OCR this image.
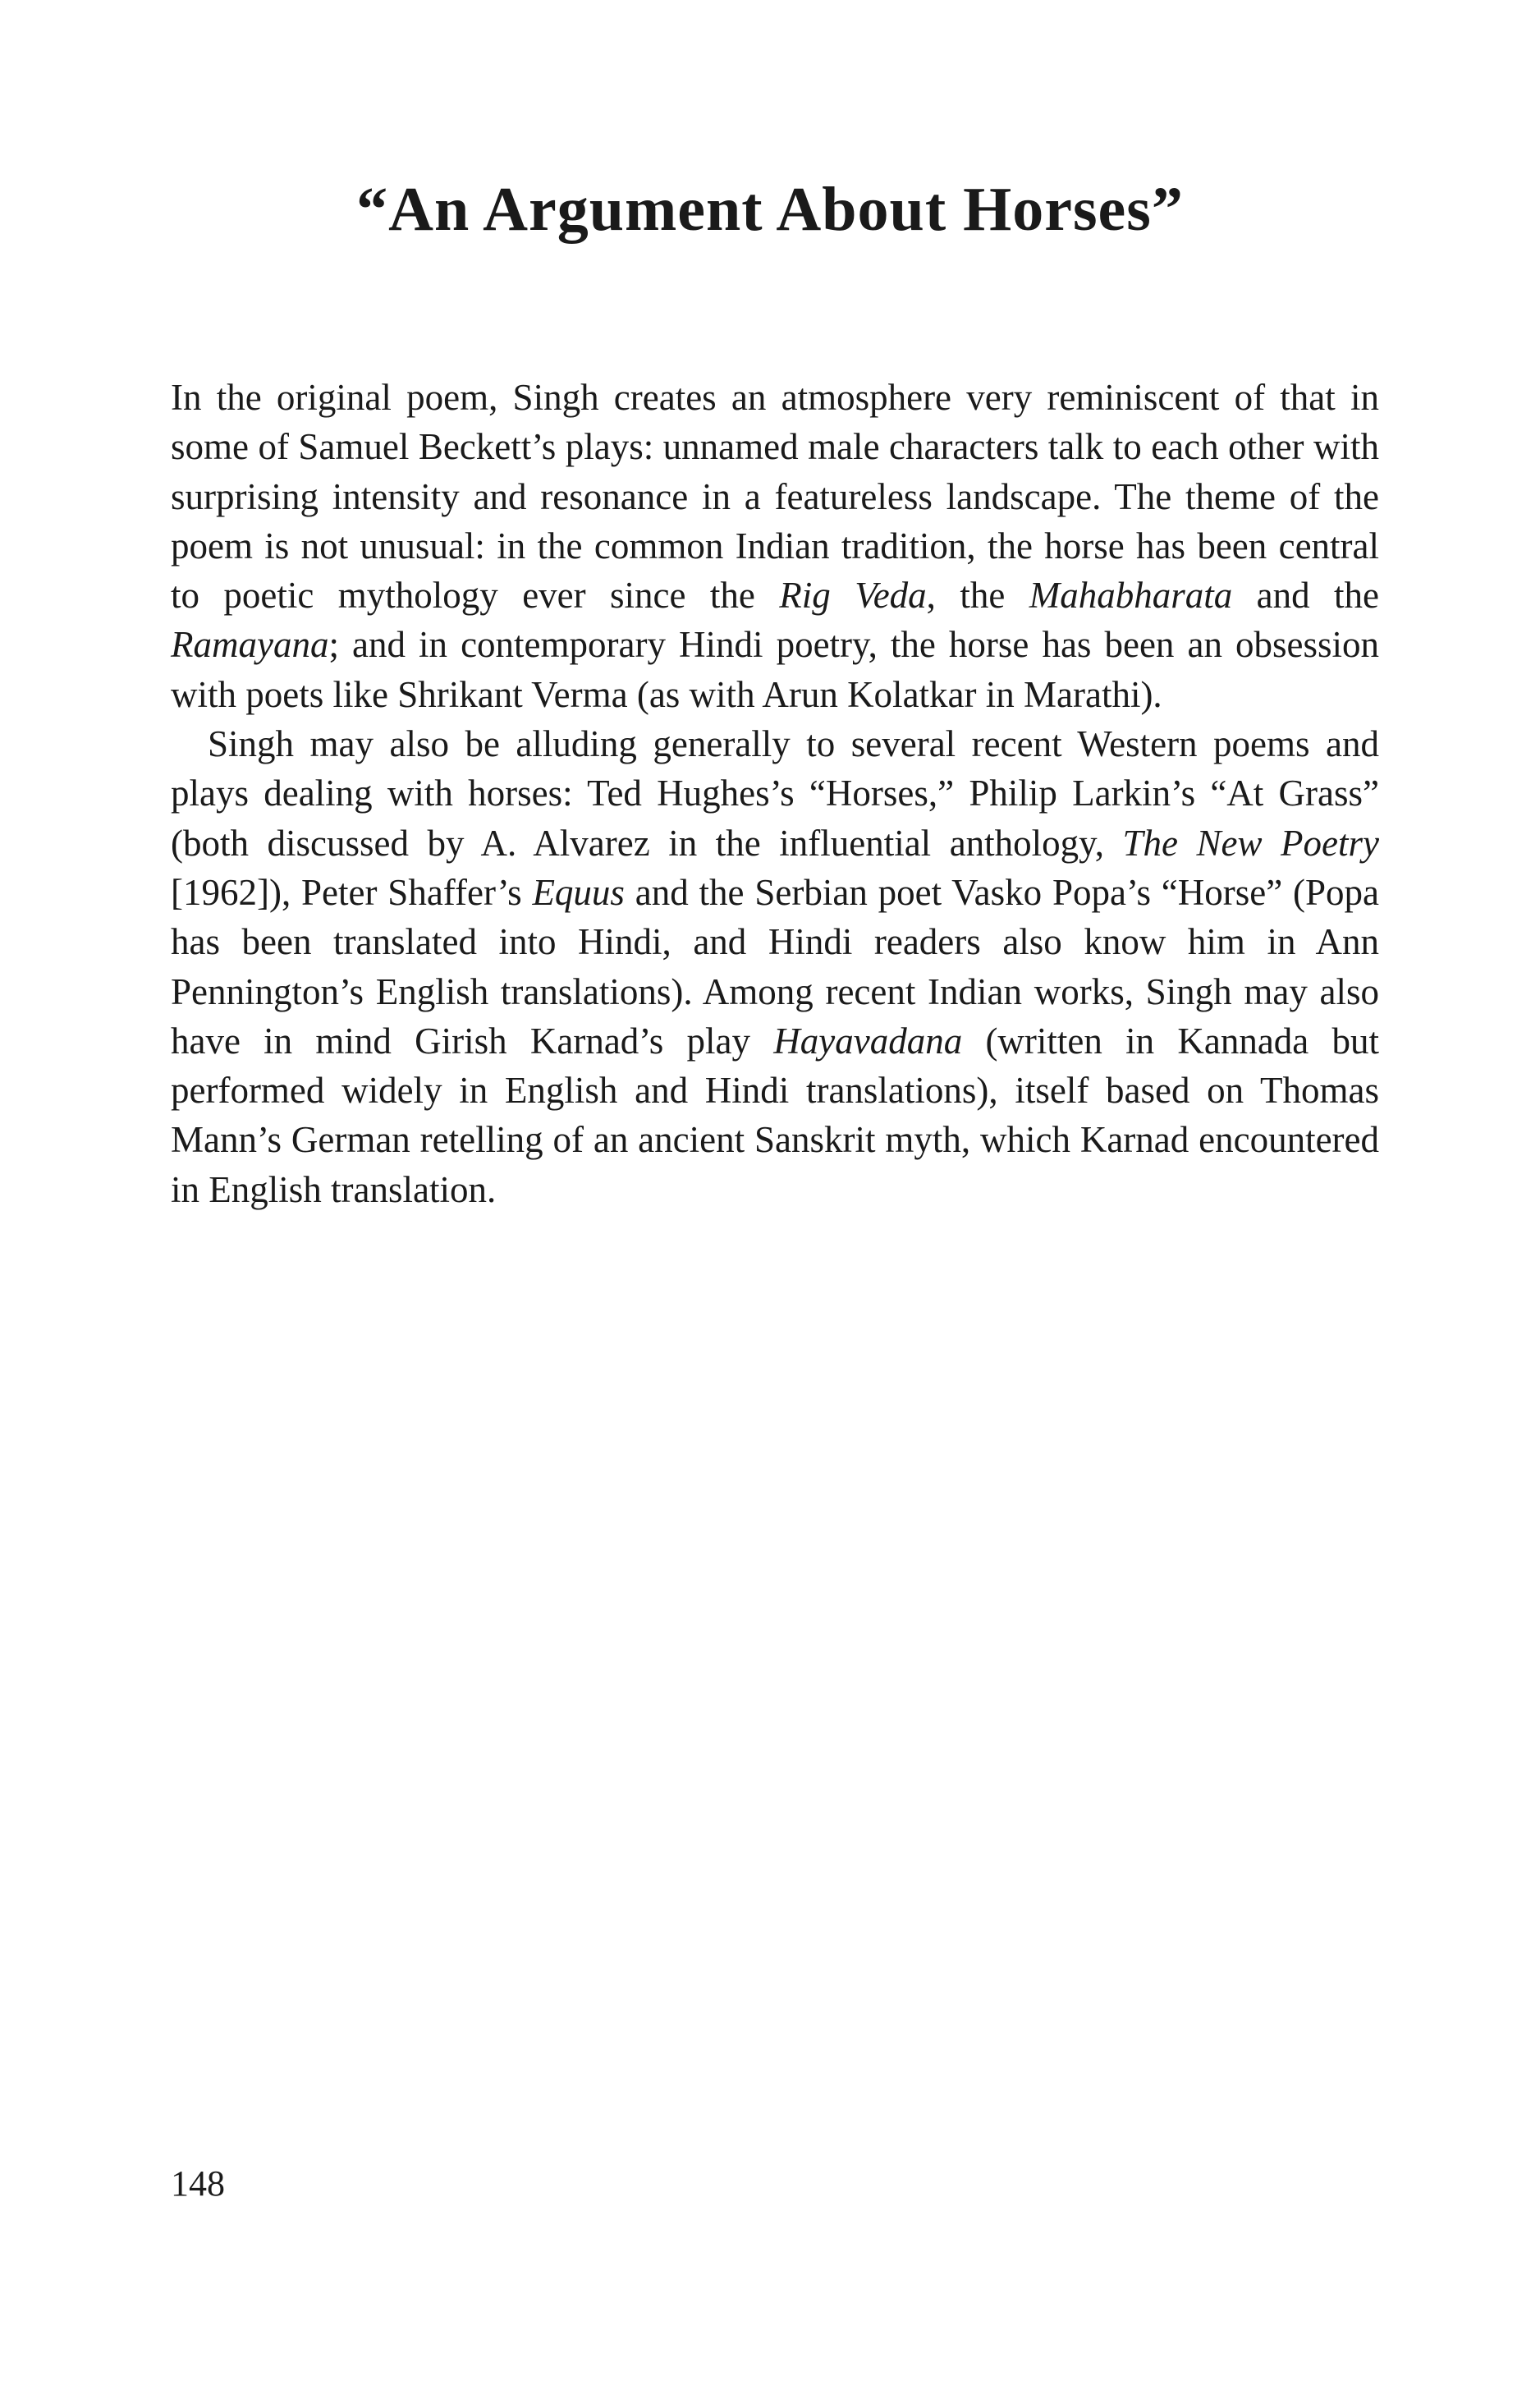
“An Argument About Horses”

In the original poem, Singh creates an atmosphere very reminiscent of that in some of Samuel Beckett’s plays: unnamed male characters talk to each other with surprising intensity and resonance in a featureless landscape. The theme of the poem is not unusual: in the common Indian tradition, the horse has been central to poetic mythology ever since the Rig Veda, the Mahabharata and the Ramayana; and in contemporary Hindi poetry, the horse has been an obsession with poets like Shrikant Verma (as with Arun Kolatkar in Marathi).

Singh may also be alluding generally to several recent Western poems and plays dealing with horses: Ted Hughes’s “Horses,” Philip Larkin’s “At Grass” (both discussed by A. Alvarez in the influential anthology, The New Poetry [1962]), Peter Shaffer’s Equus and the Serbian poet Vasko Popa’s “Horse” (Popa has been translated into Hindi, and Hindi readers also know him in Ann Pennington’s English translations). Among recent Indian works, Singh may also have in mind Girish Karnad’s play Hayavadana (written in Kannada but performed widely in English and Hindi translations), itself based on Thomas Mann’s German retelling of an ancient Sanskrit myth, which Karnad encountered in English translation.

148
